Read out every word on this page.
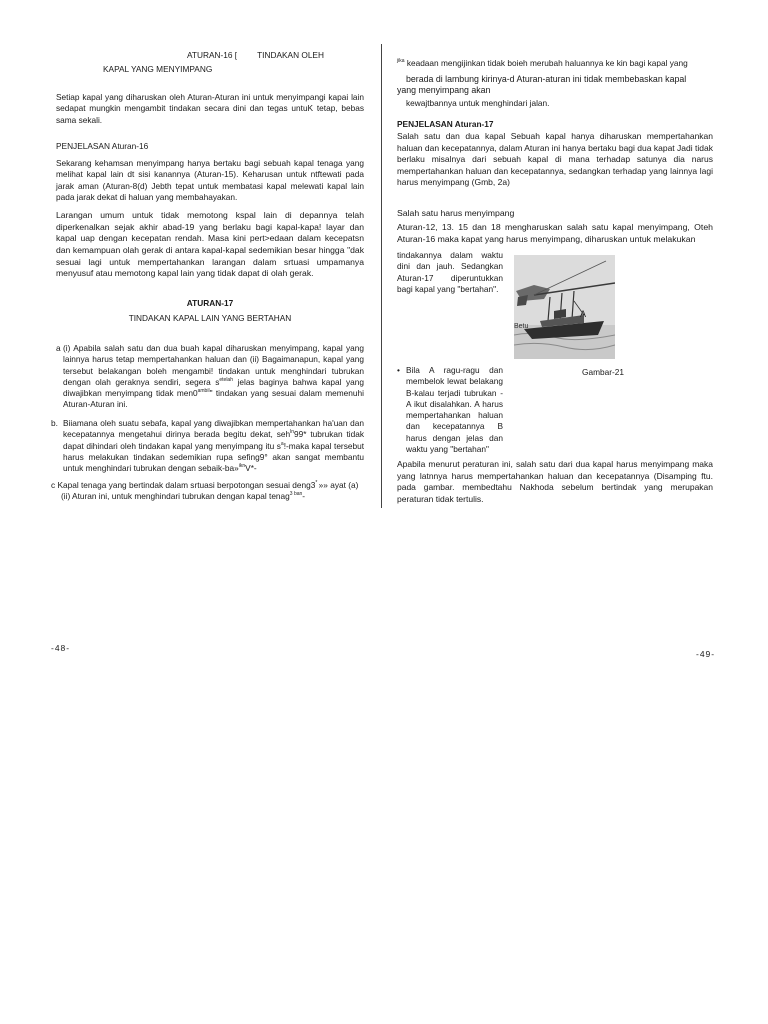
ATURAN-16 [ TINDAKAN OLEH
KAPAL YANG MENYIMPANG

Setiap kapal yang diharuskan oleh Aturan-Aturan ini untuk menyimpangi kapai lain sedapat mungkin mengambit tindakan secara dini dan tegas untuK tetap, bebas sama sekali.

PENJELASAN Aturan-16

Sekarang kehamsan menyimpang hanya bertaku bagi sebuah kapal tenaga yang melihat kapal lain dt sisi kanannya (Aturan-15). Keharusan untuk ntftewati pada jarak aman (Aturan-8(d) Jebth tepat untuk membatasi kapal melewati kapal lain pada jarak dekat di haluan yang membahayakan.

Larangan umum untuk tidak memotong kspal lain di depannya telah diperkenalkan sejak akhir abad-19 yang berlaku bagi kapal-kapa! layar dan kapal uap dengan kecepatan rendah. Masa kini pert>edaan dalam kecepatsn dan kemampuan olah gerak di antara kapal-kapal sedemikian besar hingga "dak sesuai lagi untuk mempertahankan larangan dalam srtuasi umpamanya menyusuf atau memotong kapal lain yang tidak dapat di olah gerak.

ATURAN-17

TINDAKAN KAPAL LAIN YANG BERTAHAN

a (i) Apabila salah satu dan dua buah kapal diharuskan menyimpang, kapal yang lainnya harus tetap mempertahankan haluan dan (ii) Bagaimanapun, kapal yang tersebut belakangan boleh mengambi! tindakan untuk menghindari tubrukan dengan olah geraknya sendiri, segera $s^{etelah}$ jelas baginya bahwa kapal yang diwajibkan menyimpang tidak $men0^{ambil}$" tindakan yang sesuai dalam memenuhi Aturan-Aturan ini.
b. Biiamana oleh suatu sebafa, kapal yang diwajibkan mempertahankan ha'uan dan kecepatannya mengetahui dirinya berada begitu dekat, seh$^{ln}$99* tubrukan tidak dapat dihindari oleh tindakan kapal yang menyimpang itu $s^a$!-maka kapal tersebut harus melakukan tindakan sedemikian rupa sefing9° akan sangat membantu untuk menghindari tubrukan dengan sebaik-ba»$^{ikn}$V*-
c Kapal tenaga yang bertindak dalam srtuasi berpotongan sesuai deng3* »» ayat (a)
(ii) Aturan ini, untuk menghindari tubrukan dengan kapal tenag$^{3 ban}$-
-48-
$^{jika}$ keadaan mengijinkan tidak boieh merubah haluannya ke kin bagi kapal yang
berada di lambung kirinya-d Aturan-aturan ini tidak membebaskan kapal
yang menyimpang akan
kewajtbannya untuk menghindari jalan.

PENJELASAN Aturan-17

Salah satu dan dua kapal Sebuah kapal hanya diharuskan mempertahankan haluan dan kecepatannya, dalam Aturan ini hanya bertaku bagi dua kapat Jadi tidak berlaku misalnya dari sebuah kapal di mana terhadap satunya dia narus mempertahankan haluan dan kecepatannya, sedangkan terhadap yang lainnya lagi harus menyimpang (Gmb, 2a)

Salah satu harus menyimpang

Aturan-12, 13. 15 dan 18 mengharuskan salah satu kapal menyimpang, Oteh Aturan-16 maka kapat yang harus menyimpang, diharuskan untuk melakukan

tindakannya dalam waktu dini dan jauh. Sedangkan Aturan-17 diperuntukkan bagi kapal yang "bertahan".

A
Betu
Gambar-21
• Bila A ragu-ragu dan membelok lewat belakang B-kalau terjadi tubrukan - A ikut disalahkan. A harus mempertahankan haluan dan kecepatannya B harus dengan jelas dan waktu yang "bertahan"

Apabila menurut peraturan ini, salah satu dari dua kapal harus menyimpang maka yang latnnya harus mempertahankan haluan dan kecepatannya (Disamping ftu. pada gambar. membedtahu Nakhoda sebelum bertindak yang merupakan peraturan tidak tertulis.

-49-
